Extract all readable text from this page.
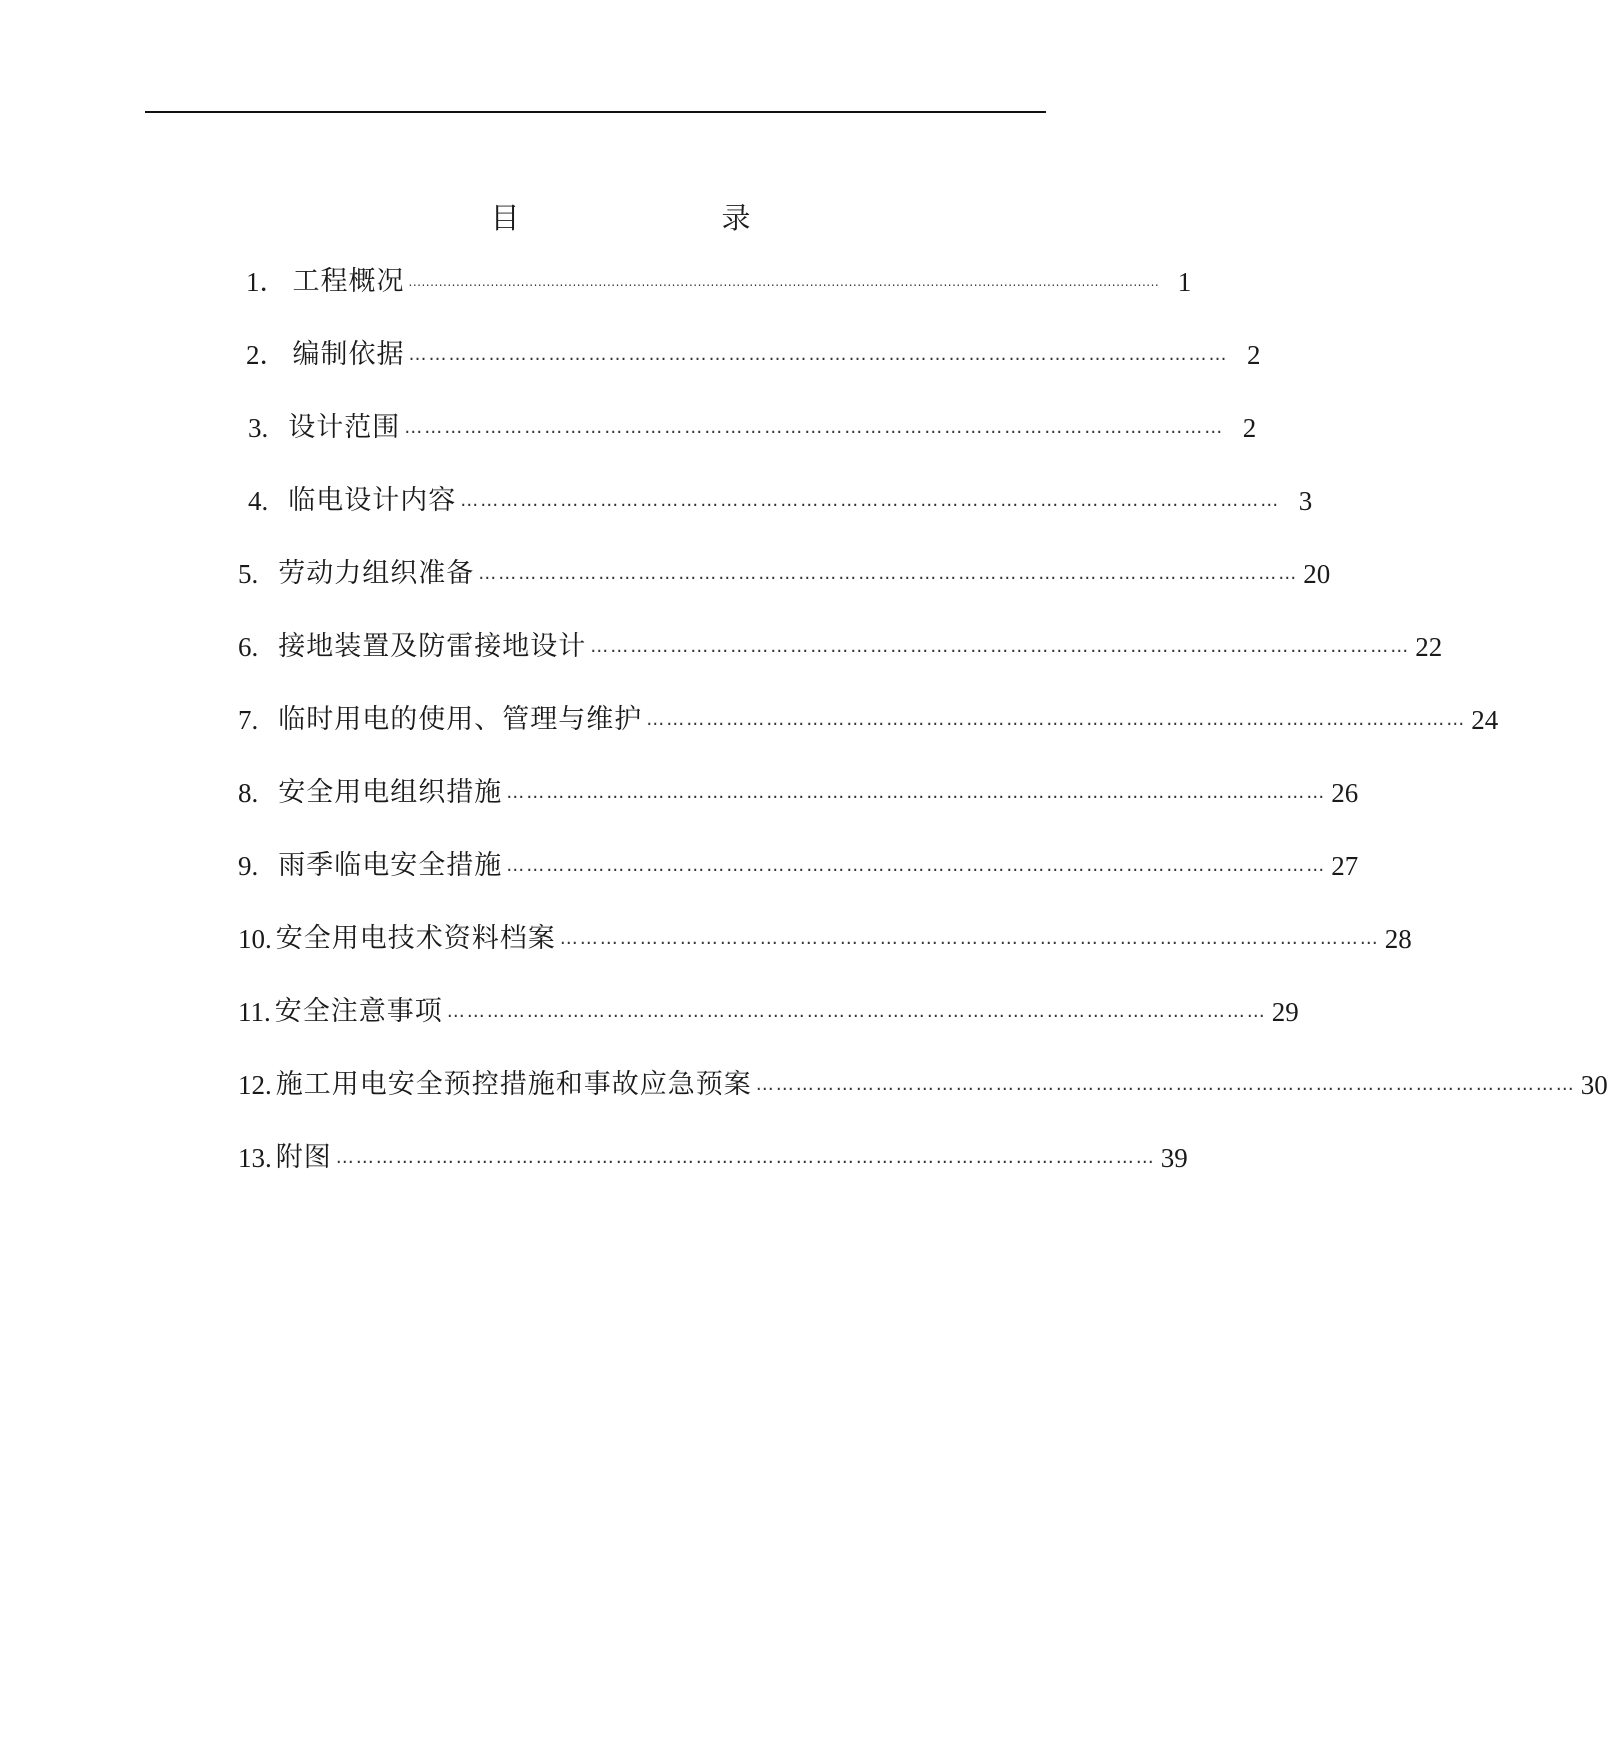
目　　录
1． 工程概况 .............................................................................................................................................................................. 1
2． 编制依据 …………………………………………………………………………………………………………… 2
3. 设计范围 …………………………………………………………………………………………………………… 2
4. 临电设计内容 …………………………………………………………………………………………………………… 3
5. 劳动力组织准备 …………………………………………………………………………………………………………… 20
6. 接地装置及防雷接地设计 …………………………………………………………………………………………………………… 22
7. 临时用电的使用、管理与维护 …………………………………………………………………………………………………………… 24
8. 安全用电组织措施 …………………………………………………………………………………………………………… 26
9. 雨季临电安全措施 …………………………………………………………………………………………………………… 27
10. 安全用电技术资料档案 …………………………………………………………………………………………………………… 28
11. 安全注意事项 …………………………………………………………………………………………………………… 29
12. 施工用电安全预控措施和事故应急预案 …………………………………………………………………………………………………………… 30
13. 附图 …………………………………………………………………………………………………………… 39
